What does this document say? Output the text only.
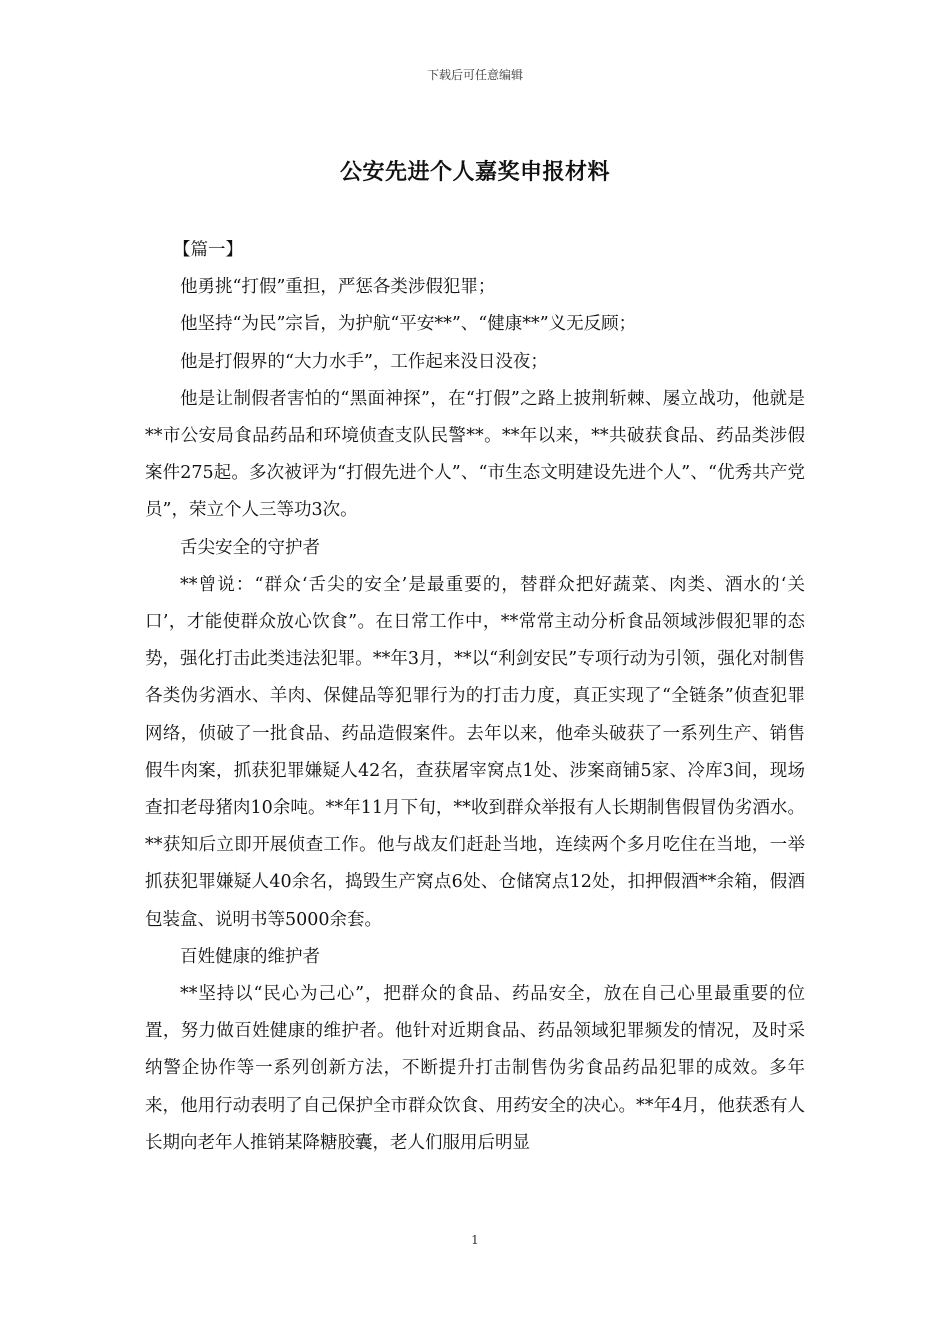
下载后可任意编辑
公安先进个人嘉奖申报材料

【篇一】

他勇挑“打假”重担，严惩各类涉假犯罪；

他坚持“为民”宗旨，为护航“平安**”、“健康**”义无反顾；

他是打假界的“大力水手”，工作起来没日没夜；

他是让制假者害怕的“黑面神探”，在“打假”之路上披荆斩棘、屡立战功，他就是**市公安局食品药品和环境侦查支队民警**。**年以来，**共破获食品、药品类涉假案件275起。多次被评为“打假先进个人”、“市生态文明建设先进个人”、“优秀共产党员”，荣立个人三等功3次。

舌尖安全的守护者

**曾说：“群众‘舌尖的安全’是最重要的，替群众把好蔬菜、肉类、酒水的‘关口’，才能使群众放心饮食”。在日常工作中，**常常主动分析食品领域涉假犯罪的态势，强化打击此类违法犯罪。**年3月，**以“利剑安民”专项行动为引领，强化对制售各类伪劣酒水、羊肉、保健品等犯罪行为的打击力度，真正实现了“全链条”侦查犯罪网络，侦破了一批食品、药品造假案件。去年以来，他牵头破获了一系列生产、销售假牛肉案，抓获犯罪嫌疑人42名，查获屠宰窝点1处、涉案商铺5家、冷库3间，现场查扣老母猪肉10余吨。**年11月下旬，**收到群众举报有人长期制售假冒伪劣酒水。**获知后立即开展侦查工作。他与战友们赶赴当地，连续两个多月吃住在当地，一举抓获犯罪嫌疑人40余名，捣毁生产窝点6处、仓储窝点12处，扣押假酒**余箱，假酒包装盒、说明书等5000余套。

百姓健康的维护者

**坚持以“民心为己心”，把群众的食品、药品安全，放在自己心里最重要的位置，努力做百姓健康的维护者。他针对近期食品、药品领域犯罪频发的情况，及时采纳警企协作等一系列创新方法，不断提升打击制售伪劣食品药品犯罪的成效。多年来，他用行动表明了自己保护全市群众饮食、用药安全的决心。**年4月，他获悉有人长期向老年人推销某降糖胶囊，老人们服用后明显

1
